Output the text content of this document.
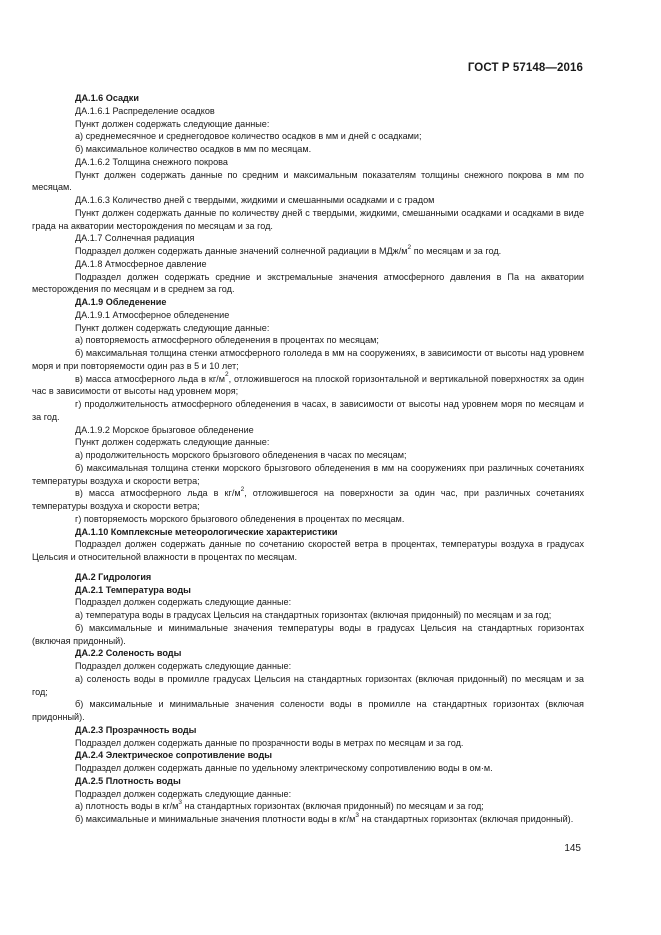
ГОСТ Р 57148—2016
ДА.1.6 Осадки
ДА.1.6.1 Распределение осадков
Пункт должен содержать следующие данные:
а) среднемесячное и среднегодовое количество осадков в мм и дней с осадками;
б) максимальное количество осадков в мм по месяцам.
ДА.1.6.2 Толщина снежного покрова
Пункт должен содержать данные по средним и максимальным показателям толщины снежного покрова в мм по месяцам.
ДА.1.6.3 Количество дней с твердыми, жидкими и смешанными осадками и с градом
Пункт должен содержать данные по количеству дней с твердыми, жидкими, смешанными осадками и осадками в виде града на акватории месторождения по месяцам и за год.
ДА.1.7 Солнечная радиация
Подраздел должен содержать данные значений солнечной радиации в МДж/$м^2$ по месяцам и за год.
ДА.1.8 Атмосферное давление
Подраздел должен содержать средние и экстремальные значения атмосферного давления в Па на акватории месторождения по месяцам и в среднем за год.
ДА.1.9 Обледенение
ДА.1.9.1 Атмосферное обледенение
Пункт должен содержать следующие данные:
а) повторяемость атмосферного обледенения в процентах по месяцам;
б) максимальная толщина стенки атмосферного гололеда в мм на сооружениях, в зависимости от высоты над уровнем моря и при повторяемости один раз в 5 и 10 лет;
в) масса атмосферного льда в $кг/м^2$, отложившегося на плоской горизонтальной и вертикальной поверхностях за один час в зависимости от высоты над уровнем моря;
г) продолжительность атмосферного обледенения в часах, в зависимости от высоты над уровнем моря по месяцам и за год.
ДА.1.9.2 Морское брызговое обледенение
Пункт должен содержать следующие данные:
а) продолжительность морского брызгового обледенения в часах по месяцам;
б) максимальная толщина стенки морского брызгового обледенения в мм на сооружениях при различных сочетаниях температуры воздуха и скорости ветра;
в) масса атмосферного льда в $кг/м^2$, отложившегося на поверхности за один час, при различных сочетаниях температуры воздуха и скорости ветра;
г) повторяемость морского брызгового обледенения в процентах по месяцам.
ДА.1.10 Комплексные метеорологические характеристики
Подраздел должен содержать данные по сочетанию скоростей ветра в процентах, температуры воздуха в градусах Цельсия и относительной влажности в процентах по месяцам.
ДА.2 Гидрология
ДА.2.1 Температура воды
Подраздел должен содержать следующие данные:
а) температура воды в градусах Цельсия на стандартных горизонтах (включая придонный) по месяцам и за год;
б) максимальные и минимальные значения температуры воды в градусах Цельсия на стандартных горизонтах (включая придонный).
ДА.2.2 Соленость воды
Подраздел должен содержать следующие данные:
а) соленость воды в промилле градусах Цельсия на стандартных горизонтах (включая придонный) по месяцам и за год;
б) максимальные и минимальные значения солености воды в промилле на стандартных горизонтах (включая придонный).
ДА.2.3 Прозрачность воды
Подраздел должен содержать данные по прозрачности воды в метрах по месяцам и за год.
ДА.2.4 Электрическое сопротивление воды
Подраздел должен содержать данные по удельному электрическому сопротивлению воды в ом·м.
ДА.2.5 Плотность воды
Подраздел должен содержать следующие данные:
а) плотность воды в $кг/м^3$ на стандартных горизонтах (включая придонный) по месяцам и за год;
б) максимальные и минимальные значения плотности воды в $кг/м^3$ на стандартных горизонтах (включая придонный).
145
